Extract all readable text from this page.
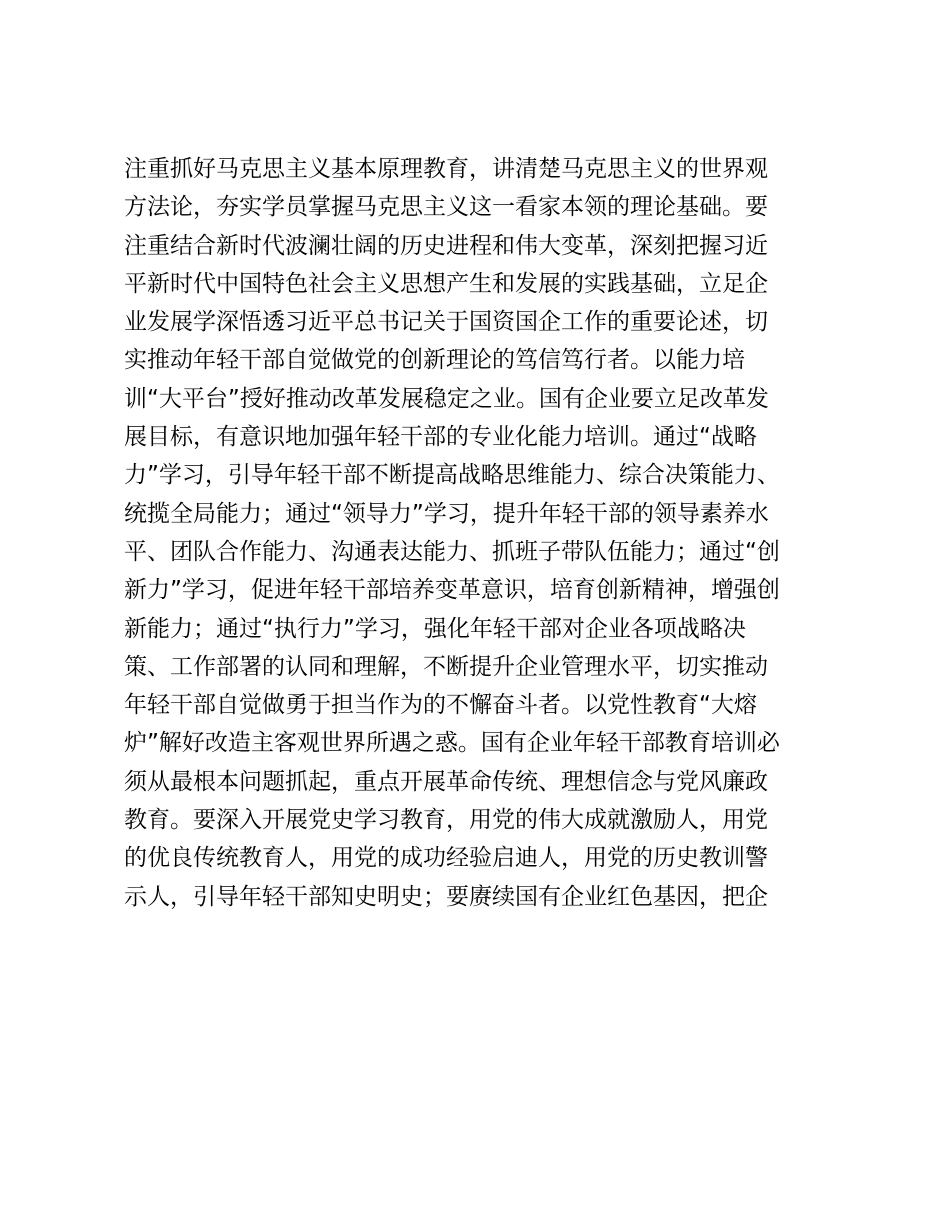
注重抓好马克思主义基本原理教育，讲清楚马克思主义的世界观
方法论，夯实学员掌握马克思主义这一看家本领的理论基础。要
注重结合新时代波澜壮阔的历史进程和伟大变革，深刻把握习近
平新时代中国特色社会主义思想产生和发展的实践基础，立足企
业发展学深悟透习近平总书记关于国资国企工作的重要论述，切
实推动年轻干部自觉做党的创新理论的笃信笃行者。以能力培
训“大平台”授好推动改革发展稳定之业。国有企业要立足改革发
展目标，有意识地加强年轻干部的专业化能力培训。通过“战略
力”学习，引导年轻干部不断提高战略思维能力、综合决策能力、
统揽全局能力；通过“领导力”学习，提升年轻干部的领导素养水
平、团队合作能力、沟通表达能力、抓班子带队伍能力；通过“创
新力”学习，促进年轻干部培养变革意识，培育创新精神，增强创
新能力；通过“执行力”学习，强化年轻干部对企业各项战略决
策、工作部署的认同和理解，不断提升企业管理水平，切实推动
年轻干部自觉做勇于担当作为的不懈奋斗者。以党性教育“大熔
炉”解好改造主客观世界所遇之惑。国有企业年轻干部教育培训必
须从最根本问题抓起，重点开展革命传统、理想信念与党风廉政
教育。要深入开展党史学习教育，用党的伟大成就激励人，用党
的优良传统教育人，用党的成功经验启迪人，用党的历史教训警
示人，引导年轻干部知史明史；要赓续国有企业红色基因，把企
